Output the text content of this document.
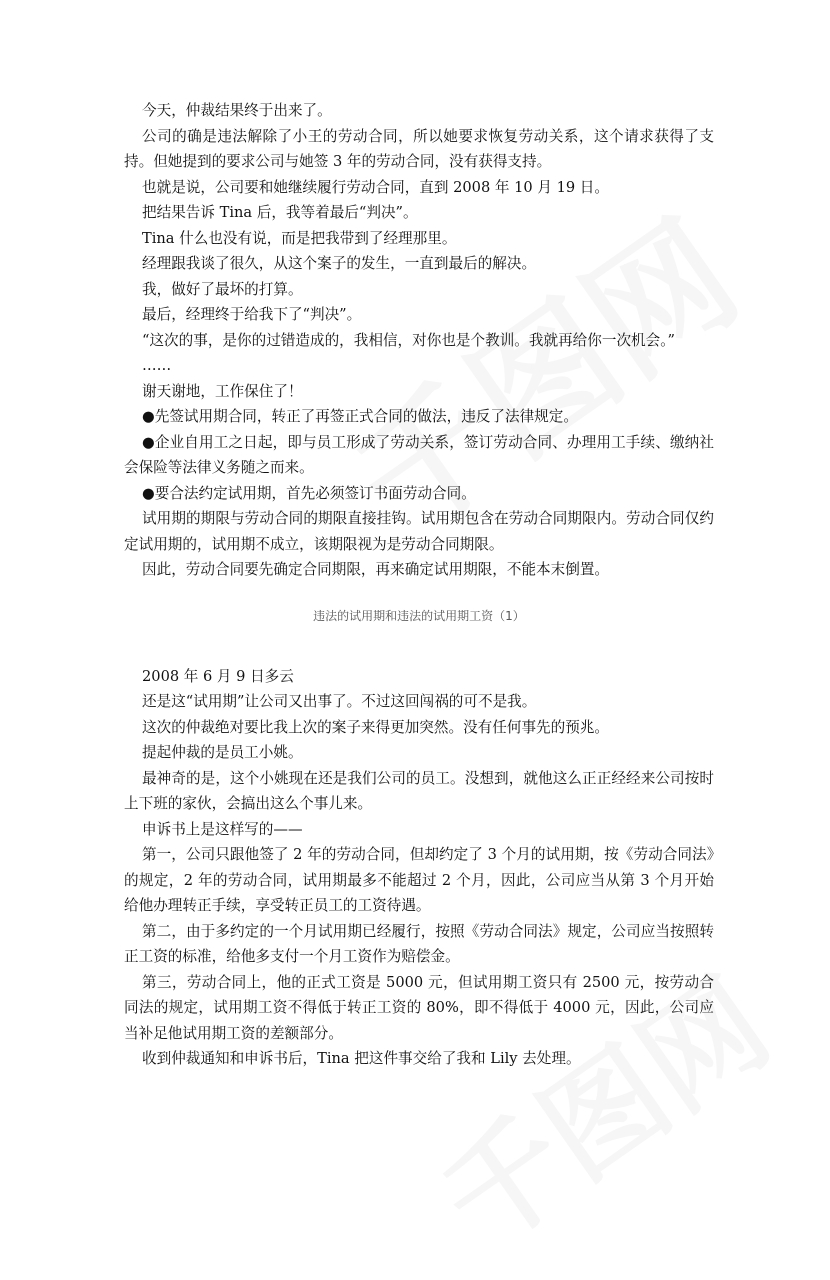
今天，仲裁结果终于出来了。

公司的确是违法解除了小王的劳动合同，所以她要求恢复劳动关系，这个请求获得了支持。但她提到的要求公司与她签 3 年的劳动合同，没有获得支持。

也就是说，公司要和她继续履行劳动合同，直到 2008 年 10 月 19 日。

把结果告诉 Tina 后，我等着最后“判决”。

Tina 什么也没有说，而是把我带到了经理那里。

经理跟我谈了很久，从这个案子的发生，一直到最后的解决。

我，做好了最坏的打算。

最后，经理终于给我下了“判决”。

“这次的事，是你的过错造成的，我相信，对你也是个教训。我就再给你一次机会。”

……

谢天谢地，工作保住了！

●先签试用期合同，转正了再签正式合同的做法，违反了法律规定。

●企业自用工之日起，即与员工形成了劳动关系，签订劳动合同、办理用工手续、缴纳社会保险等法律义务随之而来。

●要合法约定试用期，首先必须签订书面劳动合同。

试用期的期限与劳动合同的期限直接挂钩。试用期包含在劳动合同期限内。劳动合同仅约定试用期的，试用期不成立，该期限视为是劳动合同期限。

因此，劳动合同要先确定合同期限，再来确定试用期限，不能本末倒置。

违法的试用期和违法的试用期工资（1）

2008 年 6 月 9 日多云

还是这“试用期”让公司又出事了。不过这回闯祸的可不是我。

这次的仲裁绝对要比我上次的案子来得更加突然。没有任何事先的预兆。

提起仲裁的是员工小姚。

最神奇的是，这个小姚现在还是我们公司的员工。没想到，就他这么正正经经来公司按时上下班的家伙，会搞出这么个事儿来。

申诉书上是这样写的——

第一，公司只跟他签了 2 年的劳动合同，但却约定了 3 个月的试用期，按《劳动合同法》的规定，2 年的劳动合同，试用期最多不能超过 2 个月，因此，公司应当从第 3 个月开始给他办理转正手续，享受转正员工的工资待遇。

第二，由于多约定的一个月试用期已经履行，按照《劳动合同法》规定，公司应当按照转正工资的标准，给他多支付一个月工资作为赔偿金。

第三，劳动合同上，他的正式工资是 5000 元，但试用期工资只有 2500 元，按劳动合同法的规定，试用期工资不得低于转正工资的 80%，即不得低于 4000 元，因此，公司应当补足他试用期工资的差额部分。

收到仲裁通知和申诉书后，Tina 把这件事交给了我和 Lily 去处理。
